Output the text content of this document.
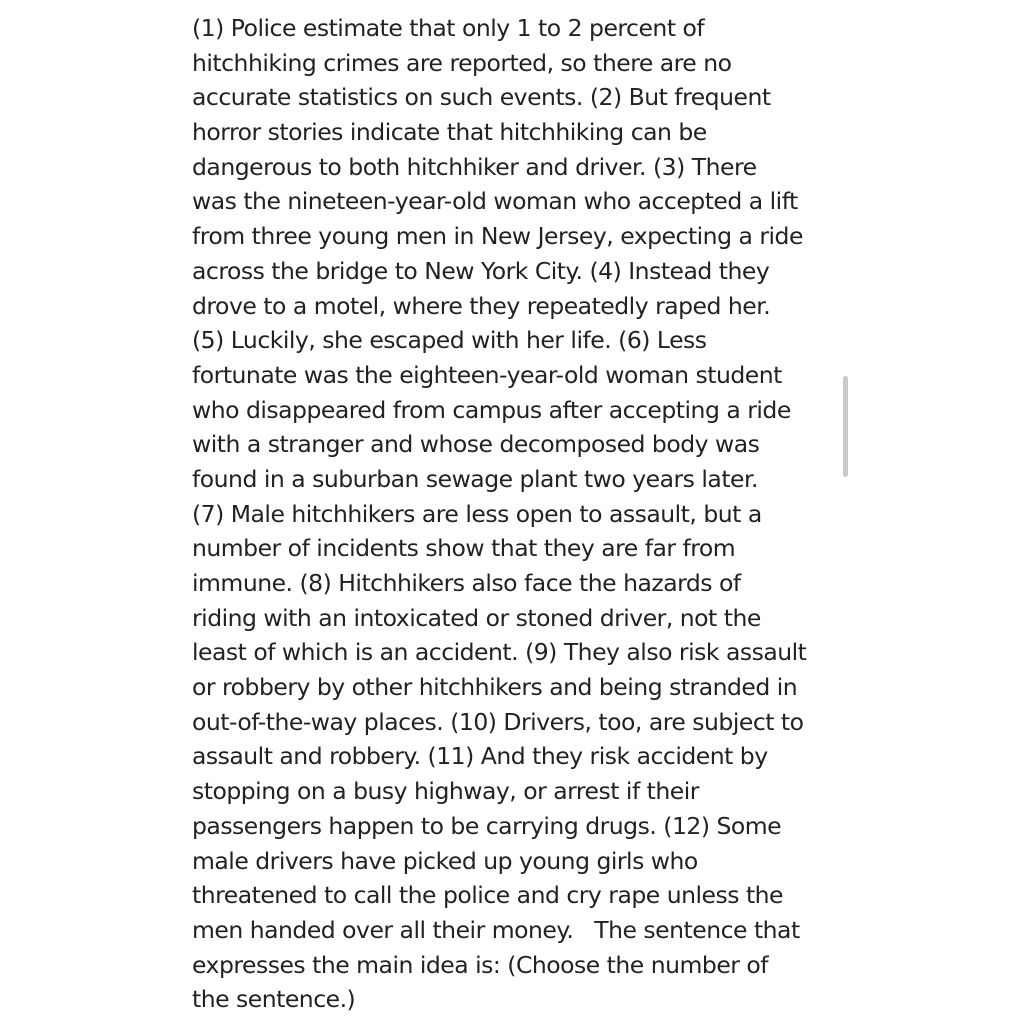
(1) Police estimate that only 1 to 2 percent of
hitchhiking crimes are reported, so there are no
accurate statistics on such events. (2) But frequent
horror stories indicate that hitchhiking can be
dangerous to both hitchhiker and driver. (3) There
was the nineteen-year-old woman who accepted a lift
from three young men in New Jersey, expecting a ride
across the bridge to New York City. (4) Instead they
drove to a motel, where they repeatedly raped her.
(5) Luckily, she escaped with her life. (6) Less
fortunate was the eighteen-year-old woman student
who disappeared from campus after accepting a ride
with a stranger and whose decomposed body was
found in a suburban sewage plant two years later.
(7) Male hitchhikers are less open to assault, but a
number of incidents show that they are far from
immune. (8) Hitchhikers also face the hazards of
riding with an intoxicated or stoned driver, not the
least of which is an accident. (9) They also risk assault
or robbery by other hitchhikers and being stranded in
out-of-the-way places. (10) Drivers, too, are subject to
assault and robbery. (11) And they risk accident by
stopping on a busy highway, or arrest if their
passengers happen to be carrying drugs. (12) Some
male drivers have picked up young girls who
threatened to call the police and cry rape unless the
men handed over all their money.   The sentence that
expresses the main idea is: (Choose the number of
the sentence.)
